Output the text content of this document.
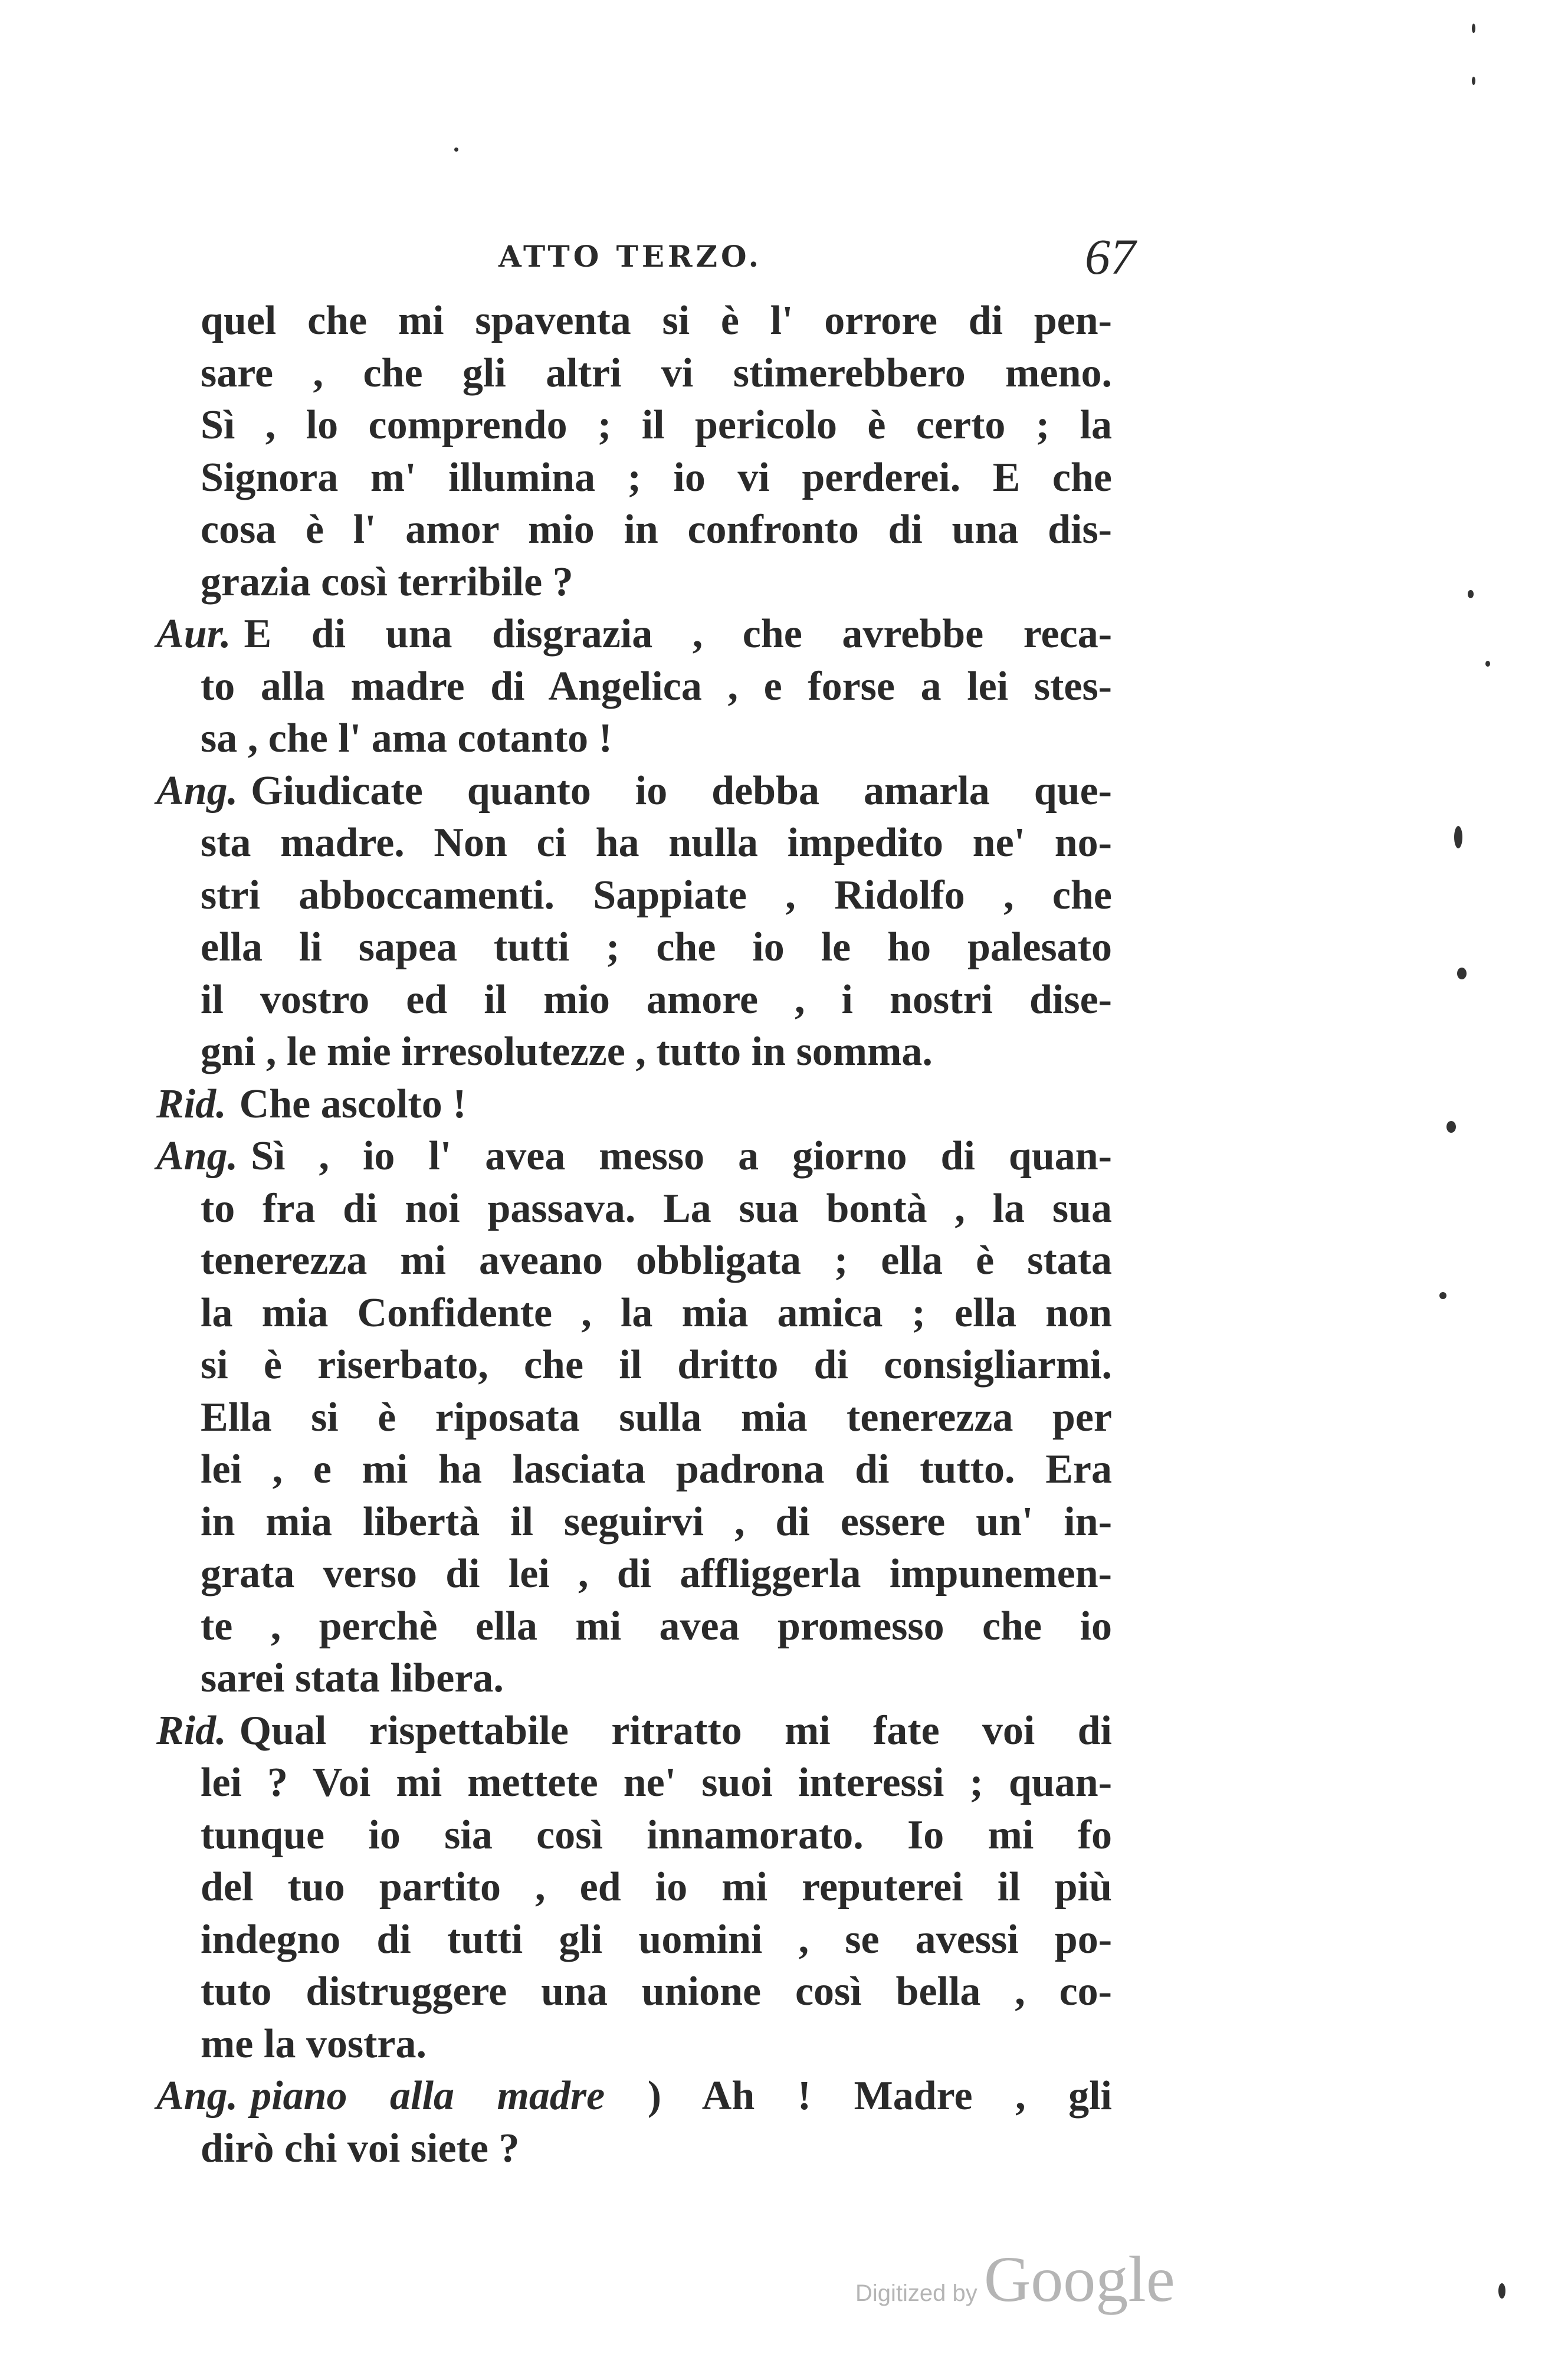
ATTO TERZO.	67
quel che mi spaventa si è l' orrore di pen-
sare , che gli altri vi stimerebbero meno.
Sì , lo comprendo ; il pericolo è certo ; la
Signora m' illumina ; io vi perderei. E che
cosa è l' amor mio in confronto di una dis-
grazia così terribile ?
Aur. E di una disgrazia , che avrebbe reca-
to alla madre di Angelica , e forse a lei stes-
sa , che l' ama cotanto !
Ang. Giudicate quanto io debba amarla que-
sta madre. Non ci ha nulla impedito ne' no-
stri abboccamenti. Sappiate , Ridolfo , che
ella li sapea tutti ; che io le ho palesato
il vostro ed il mio amore , i nostri dise-
gni , le mie irresolutezze , tutto in somma.
Rid. Che ascolto !
Ang. Sì , io l' avea messo a giorno di quan-
to fra di noi passava. La sua bontà , la sua
tenerezza mi aveano obbligata ; ella è stata
la mia Confidente , la mia amica ; ella non
si è riserbato, che il dritto di consigliarmi.
Ella si è riposata sulla mia tenerezza per
lei , e mi ha lasciata padrona di tutto. Era
in mia libertà il seguirvi , di essere un' in-
grata verso di lei , di affliggerla impunemen-
te , perchè ella mi avea promesso che io
sarei stata libera.
Rid. Qual rispettabile ritratto mi fate voi di
lei ? Voi mi mettete ne' suoi interessi ; quan-
tunque io sia così innamorato. Io mi fo
del tuo partito , ed io mi reputerei il più
indegno di tutti gli uomini , se avessi po-
tuto distruggere una unione così bella , co-
me la vostra.
Ang. piano alla madre ) Ah ! Madre , gli
dirò chi voi siete ?
Digitized by Google
